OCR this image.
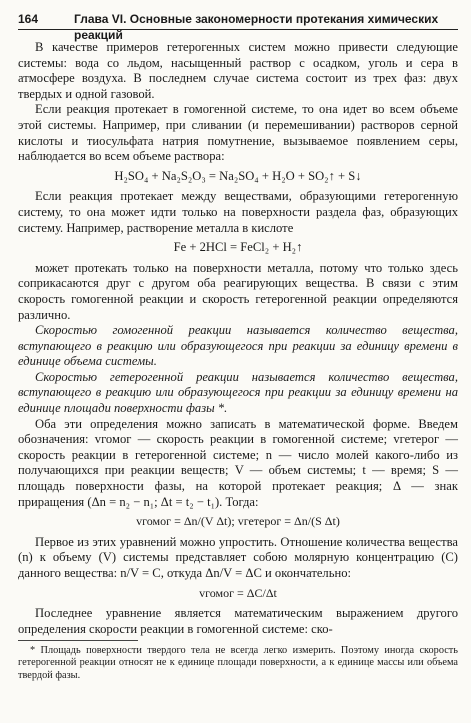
164	Глава VI. Основные закономерности протекания химических реакций

В качестве примеров гетерогенных систем можно привести следующие системы: вода со льдом, насыщенный раствор с осадком, уголь и сера в атмосфере воздуха. В последнем случае система состоит из трех фаз: двух твердых и одной газовой.

Если реакция протекает в гомогенной системе, то она идет во всем объеме этой системы. Например, при сливании (и перемешивании) растворов серной кислоты и тиосульфата натрия помутнение, вызываемое появлением серы, наблюдается во всем объеме раствора:

H₂SO₄ + Na₂S₂O₃ = Na₂SO₄ + H₂O + SO₂↑ + S↓

Если реакция протекает между веществами, образующими гетерогенную систему, то она может идти только на поверхности раздела фаз, образующих систему. Например, растворение металла в кислоте

Fe + 2HCl = FeCl₂ + H₂↑

может протекать только на поверхности металла, потому что только здесь соприкасаются друг с другом оба реагирующих вещества. В связи с этим скорость гомогенной реакции и скорость гетерогенной реакции определяются различно.

Скоростью гомогенной реакции называется количество вещества, вступающего в реакцию или образующегося при реакции за единицу времени в единице объема системы.

Скоростью гетерогенной реакции называется количество вещества, вступающего в реакцию или образующегося при реакции за единицу времени на единице площади поверхности фазы *.

Оба эти определения можно записать в математической форме. Введем обозначения: vгомог — скорость реакции в гомогенной системе; vгетерог — скорость реакции в гетерогенной системе; n — число молей какого-либо из получающихся при реакции веществ; V — объем системы; t — время; S — площадь поверхности фазы, на которой протекает реакция; Δ — знак приращения (Δn = n₂ − n₁; Δt = t₂ − t₁). Тогда:

vгомог = Δn/(V Δt); vгетерог = Δn/(S Δt)

Первое из этих уравнений можно упростить. Отношение количества вещества (n) к объему (V) системы представляет собою молярную концентрацию (C) данного вещества: n/V = C, откуда Δn/V = ΔC и окончательно:

vгомог = ΔC/Δt

Последнее уравнение является математическим выражением другого определения скорости реакции в гомогенной системе: ско-

* Площадь поверхности твердого тела не всегда легко измерить. Поэтому иногда скорость гетерогенной реакции относят не к единице площади поверхности, а к единице массы или объема твердой фазы.
